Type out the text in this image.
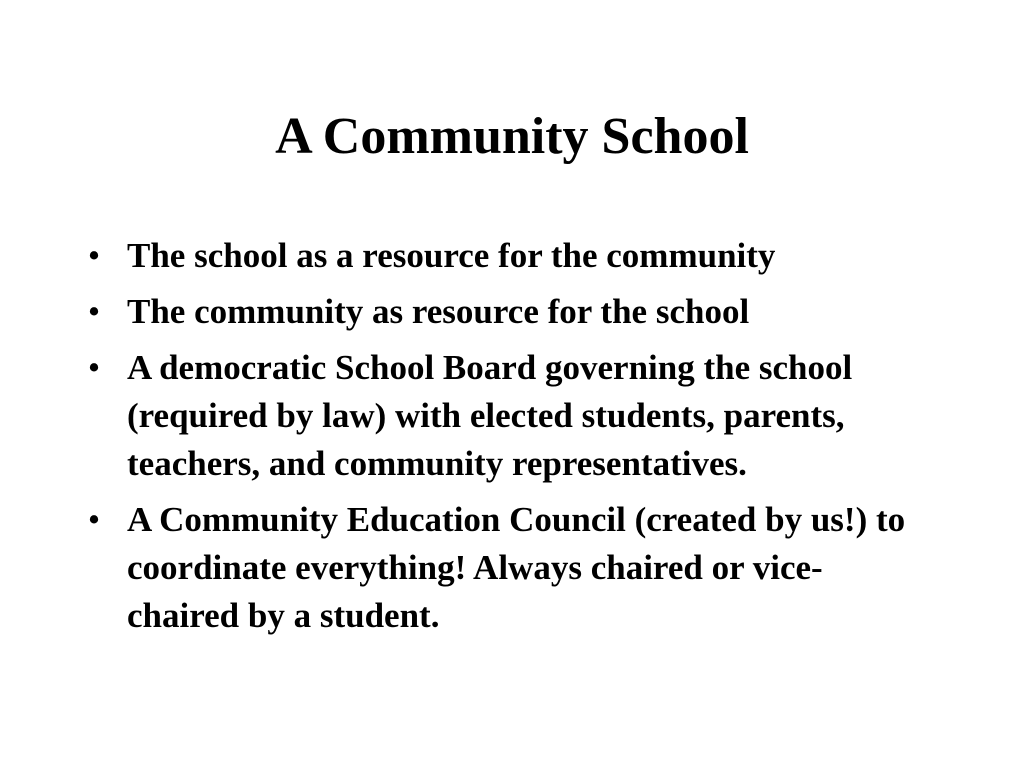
A Community School
• The school as a resource for the community
• The community as resource for the school
• A democratic School Board governing the school (required by law) with elected students, parents, teachers, and community representatives.
• A Community Education Council (created by us!) to coordinate everything! Always chaired or vice-chaired by a student.
